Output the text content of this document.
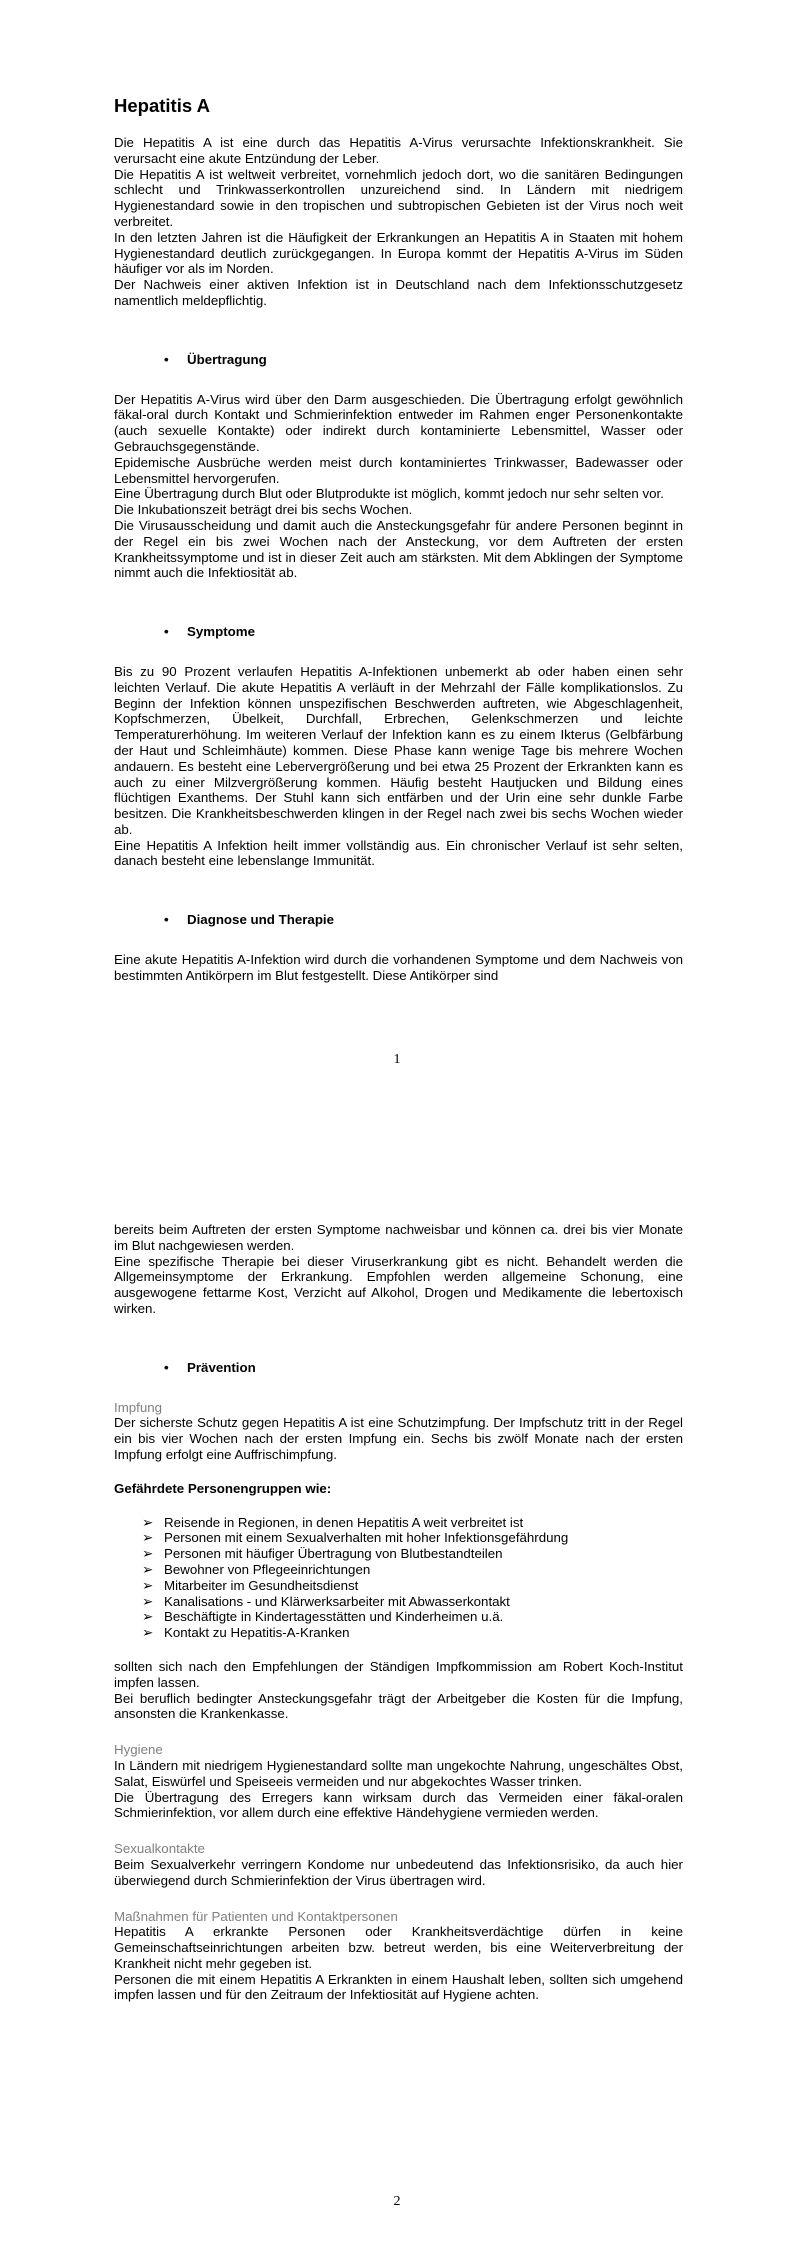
Hepatitis A

Die Hepatitis A ist eine durch das Hepatitis A-Virus verursachte Infektionskrankheit. Sie verursacht eine akute Entzündung der Leber.

Die Hepatitis A ist weltweit verbreitet, vornehmlich jedoch dort, wo die sanitären Bedingungen schlecht und Trinkwasserkontrollen unzureichend sind. In Ländern mit niedrigem Hygienestandard sowie in den tropischen und subtropischen Gebieten ist der Virus noch weit verbreitet.

In den letzten Jahren ist die Häufigkeit der Erkrankungen an Hepatitis A in Staaten mit hohem Hygienestandard deutlich zurückgegangen. In Europa kommt der Hepatitis A-Virus im Süden häufiger vor als im Norden.

Der Nachweis einer aktiven Infektion ist in Deutschland nach dem Infektionsschutzgesetz namentlich meldepflichtig.

•	Übertragung

Der Hepatitis A-Virus wird über den Darm ausgeschieden. Die Übertragung erfolgt gewöhnlich fäkal-oral durch Kontakt und Schmierinfektion entweder im Rahmen enger Personenkontakte (auch sexuelle Kontakte) oder indirekt durch kontaminierte Lebensmittel, Wasser oder Gebrauchsgegenstände.

Epidemische Ausbrüche werden meist durch kontaminiertes Trinkwasser, Badewasser oder Lebensmittel hervorgerufen.

Eine Übertragung durch Blut oder Blutprodukte ist möglich, kommt jedoch nur sehr selten vor.

Die Inkubationszeit beträgt drei bis sechs Wochen.

Die Virusausscheidung und damit auch die Ansteckungsgefahr für andere Personen beginnt in der Regel ein bis zwei Wochen nach der Ansteckung, vor dem Auftreten der ersten Krankheitssymptome und ist in dieser Zeit auch am stärksten. Mit dem Abklingen der Symptome nimmt auch die Infektiosität ab.

•	Symptome

Bis zu 90 Prozent verlaufen Hepatitis A-Infektionen unbemerkt ab oder haben einen sehr leichten Verlauf. Die akute Hepatitis A verläuft in der Mehrzahl der Fälle komplikationslos. Zu Beginn der Infektion können unspezifischen Beschwerden auftreten, wie Abgeschlagenheit, Kopfschmerzen, Übelkeit, Durchfall, Erbrechen, Gelenkschmerzen und leichte Temperaturerhöhung. Im weiteren Verlauf der Infektion kann es zu einem Ikterus (Gelbfärbung der Haut und Schleimhäute) kommen. Diese Phase kann wenige Tage bis mehrere Wochen andauern. Es besteht eine Lebervergrößerung und bei etwa 25 Prozent der Erkrankten kann es auch zu einer Milzvergrößerung kommen. Häufig besteht Hautjucken und Bildung eines flüchtigen Exanthems. Der Stuhl kann sich entfärben und der Urin eine sehr dunkle Farbe besitzen. Die Krankheitsbeschwerden klingen in der Regel nach zwei bis sechs Wochen wieder ab.

Eine Hepatitis A Infektion heilt immer vollständig aus. Ein chronischer Verlauf ist sehr selten, danach besteht eine lebenslange Immunität.

•	Diagnose und Therapie

Eine akute Hepatitis A-Infektion wird durch die vorhandenen Symptome und dem Nachweis von bestimmten Antikörpern im Blut festgestellt. Diese Antikörper sind

1

bereits beim Auftreten der ersten Symptome nachweisbar und können ca. drei bis vier Monate im Blut nachgewiesen werden.

Eine spezifische Therapie bei dieser Viruserkrankung gibt es nicht. Behandelt werden die Allgemeinsymptome der Erkrankung. Empfohlen werden allgemeine Schonung, eine ausgewogene fettarme Kost, Verzicht auf Alkohol, Drogen und Medikamente die lebertoxisch wirken.

•	Prävention

Impfung

Der sicherste Schutz gegen Hepatitis A ist eine Schutzimpfung. Der Impfschutz tritt in der Regel ein bis vier Wochen nach der ersten Impfung ein. Sechs bis zwölf Monate nach der ersten Impfung erfolgt eine Auffrischimpfung.

Gefährdete Personengruppen wie:

➢ Reisende in Regionen, in denen Hepatitis A weit verbreitet ist
➢ Personen mit einem Sexualverhalten mit hoher Infektionsgefährdung
➢ Personen mit häufiger Übertragung von Blutbestandteilen
➢ Bewohner von Pflegeeinrichtungen
➢ Mitarbeiter im Gesundheitsdienst
➢ Kanalisations - und Klärwerksarbeiter mit Abwasserkontakt
➢ Beschäftigte in Kindertagesstätten und Kinderheimen u.ä.
➢ Kontakt zu Hepatitis-A-Kranken

sollten sich nach den Empfehlungen der Ständigen Impfkommission am Robert Koch-Institut impfen lassen.

Bei beruflich bedingter Ansteckungsgefahr trägt der Arbeitgeber die Kosten für die Impfung, ansonsten die Krankenkasse.

Hygiene

In Ländern mit niedrigem Hygienestandard sollte man ungekochte Nahrung, ungeschältes Obst, Salat, Eiswürfel und Speiseeis vermeiden und nur abgekochtes Wasser trinken.

Die Übertragung des Erregers kann wirksam durch das Vermeiden einer fäkal-oralen Schmierinfektion, vor allem durch eine effektive Händehygiene vermieden werden.

Sexualkontakte

Beim Sexualverkehr verringern Kondome nur unbedeutend das Infektionsrisiko, da auch hier überwiegend durch Schmierinfektion der Virus übertragen wird.

Maßnahmen für Patienten und Kontaktpersonen

Hepatitis A erkrankte Personen oder Krankheitsverdächtige dürfen in keine Gemeinschaftseinrichtungen arbeiten bzw. betreut werden, bis eine Weiterverbreitung der Krankheit nicht mehr gegeben ist.

Personen die mit einem Hepatitis A Erkrankten in einem Haushalt leben, sollten sich umgehend impfen lassen und für den Zeitraum der Infektiosität auf Hygiene achten.

2
